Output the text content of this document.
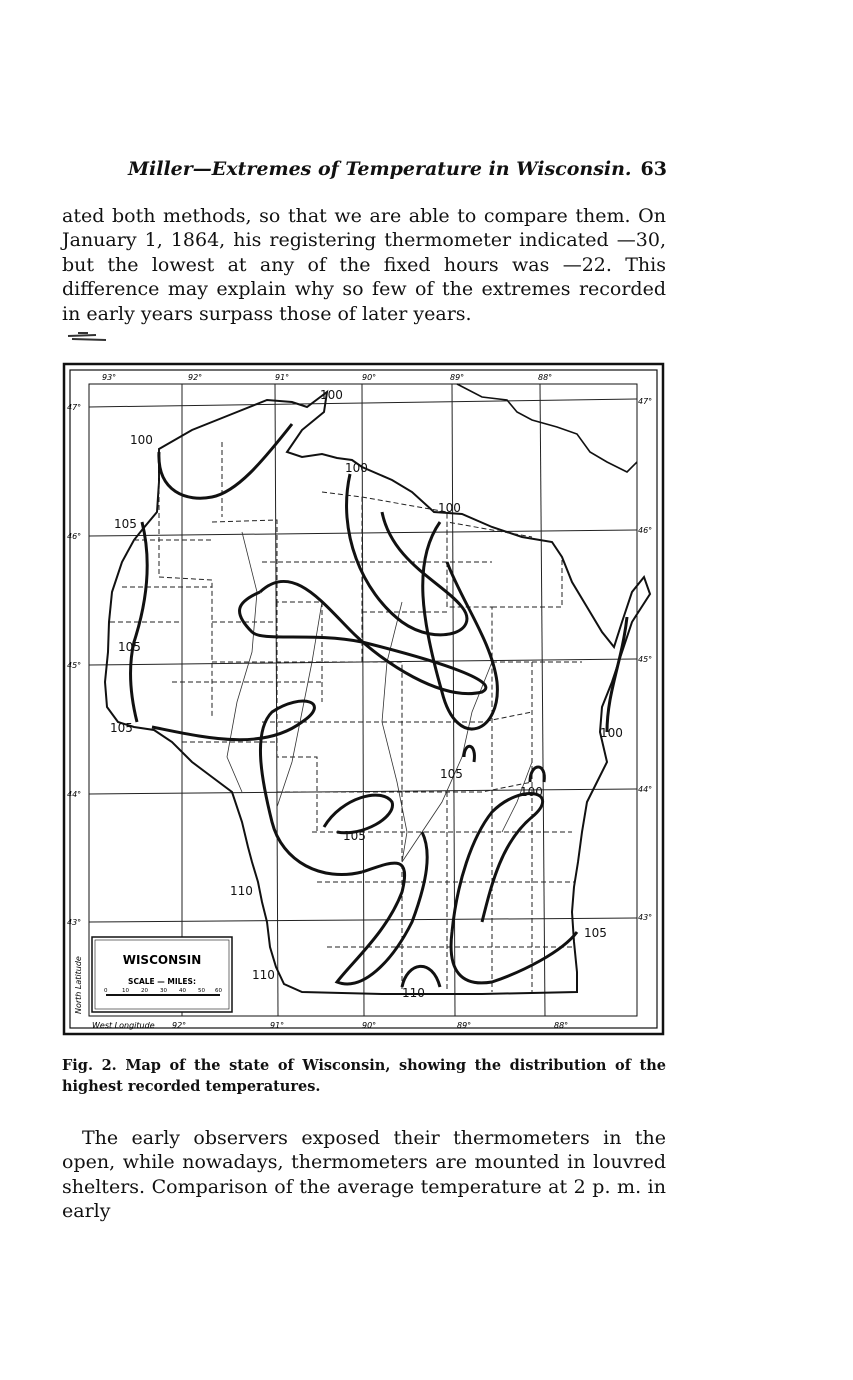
Miller—Extremes of Temperature in Wisconsin. 63

ated both methods, so that we are able to compare them. On January 1, 1864, his registering thermometer indicated —30, but the lowest at any of the fixed hours was —22. This difference may explain why so few of the extremes recorded in early years surpass those of later years.

WISCONSIN
SCALE — MILES:
0	10 20 30 40 50 60
93°	92°	91°	90°	89°	88°
West Longitude 92°	91°	90°	89°	88°
47°
46°
45°
44°
43°
47°
46°
45°
44°
43°
North Latitude
100
100
100
100
105
105
105	100
105
100
105
110
105
110
110

Fig. 2. Map of the state of Wisconsin, showing the distribution of the highest recorded temperatures.

The early observers exposed their thermometers in the open, while nowadays, thermometers are mounted in louvred shelters. Comparison of the average temperature at 2 p. m. in early
